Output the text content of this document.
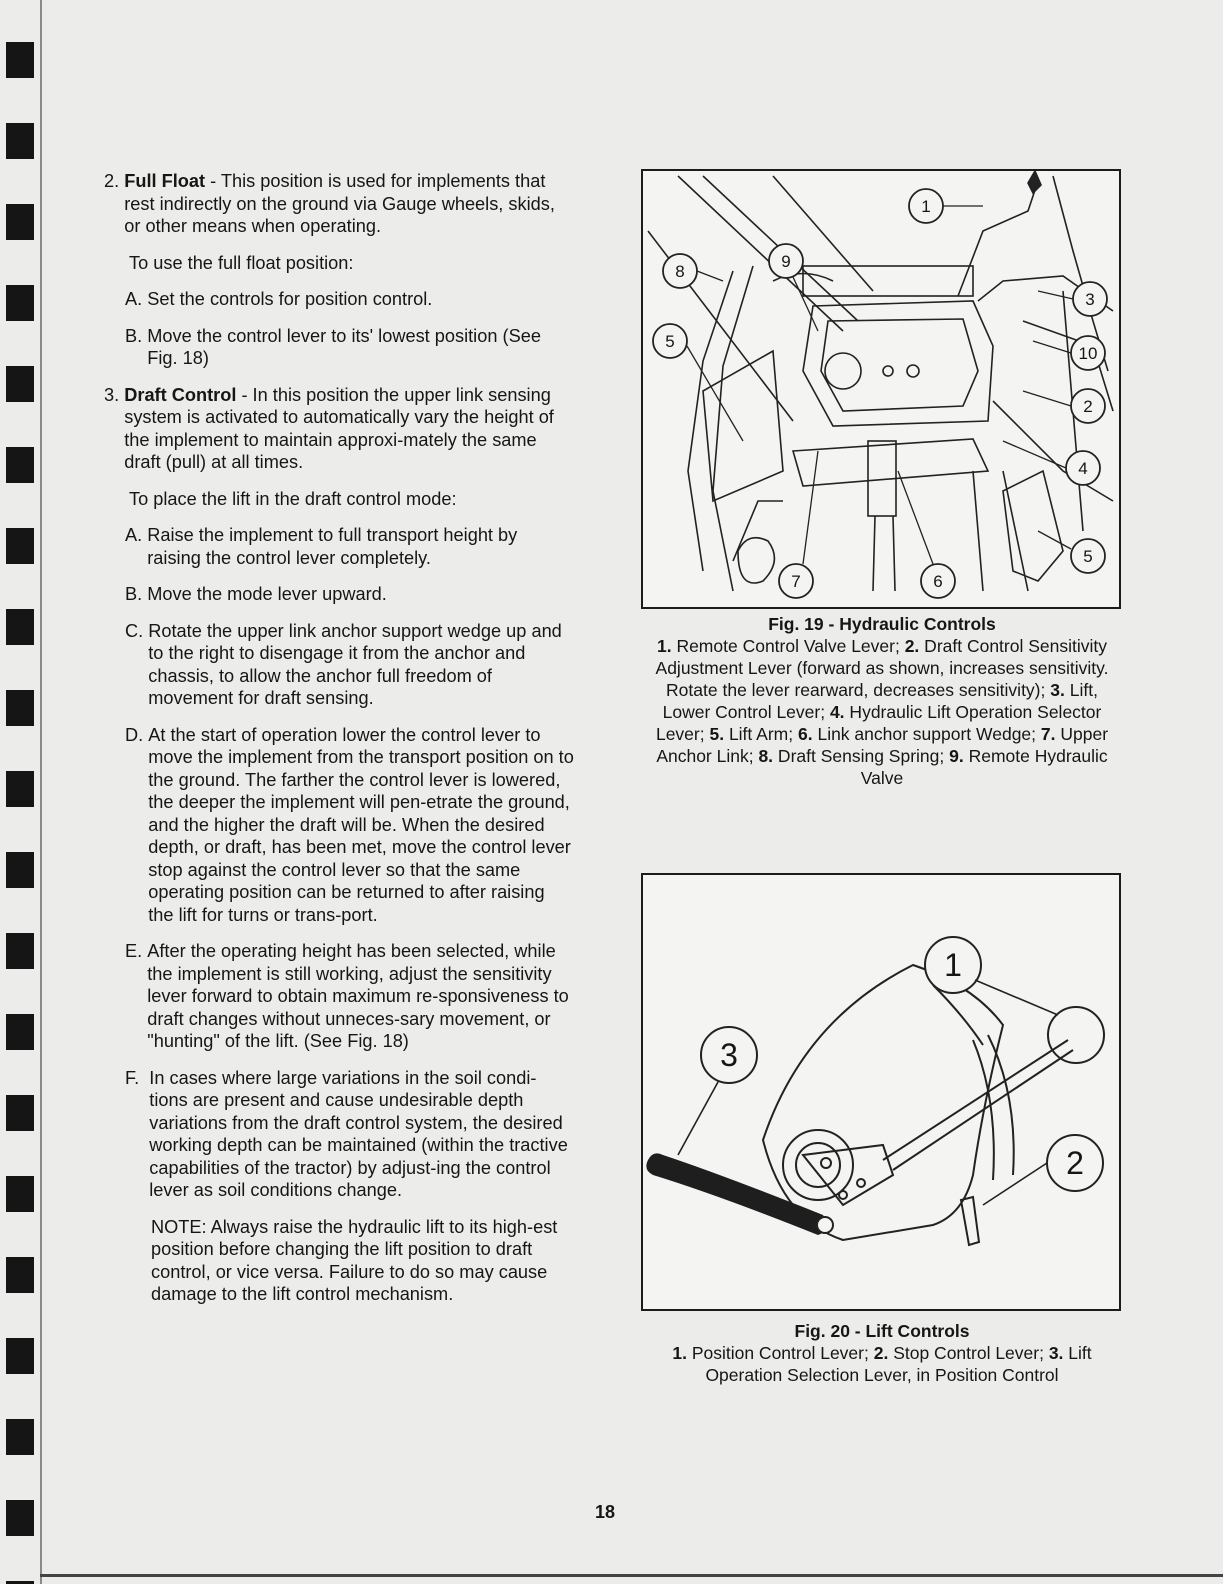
2. Full Float - This position is used for implements that rest indirectly on the ground via Gauge wheels, skids, or other means when operating.
To use the full float position:
A. Set the controls for position control.
B. Move the control lever to its' lowest position (See Fig. 18)
3. Draft Control - In this position the upper link sensing system is activated to automatically vary the height of the implement to maintain approxi-mately the same draft (pull) at all times.
To place the lift in the draft control mode:
A. Raise the implement to full transport height by raising the control lever completely.
B. Move the mode lever upward.
C. Rotate the upper link anchor support wedge up and to the right to disengage it from the anchor and chassis, to allow the anchor full freedom of movement for draft sensing.
D. At the start of operation lower the control lever to move the implement from the transport position on to the ground. The farther the control lever is lowered, the deeper the implement will pen-etrate the ground, and the higher the draft will be. When the desired depth, or draft, has been met, move the control lever stop against the control lever so that the same operating position can be returned to after raising the lift for turns or trans-port.
E. After the operating height has been selected, while the implement is still working, adjust the sensitivity lever forward to obtain maximum re-sponsiveness to draft changes without unneces-sary movement, or "hunting" of the lift. (See Fig. 18)
F. In cases where large variations in the soil condi-tions are present and cause undesirable depth variations from the draft control system, the desired working depth can be maintained (within the tractive capabilities of the tractor) by adjust-ing the control lever as soil conditions change.
NOTE: Always raise the hydraulic lift to its high-est position before changing the lift position to draft control, or vice versa. Failure to do so may cause damage to the lift control mechanism.
1
2
3
4
5
5
6
7
8
9
10
Fig. 19 - Hydraulic Controls
1. Remote Control Valve Lever; 2. Draft Control Sensitivity Adjustment Lever (forward as shown, increases sensitivity. Rotate the lever rearward, decreases sensitivity); 3. Lift, Lower Control Lever; 4. Hydraulic Lift Operation Selector Lever; 5. Lift Arm; 6. Link anchor support Wedge; 7. Upper Anchor Link; 8. Draft Sensing Spring; 9. Remote Hydraulic Valve
1
2
3
Fig. 20 - Lift Controls
1. Position Control Lever; 2. Stop Control Lever; 3. Lift Operation Selection Lever, in Position Control
18
